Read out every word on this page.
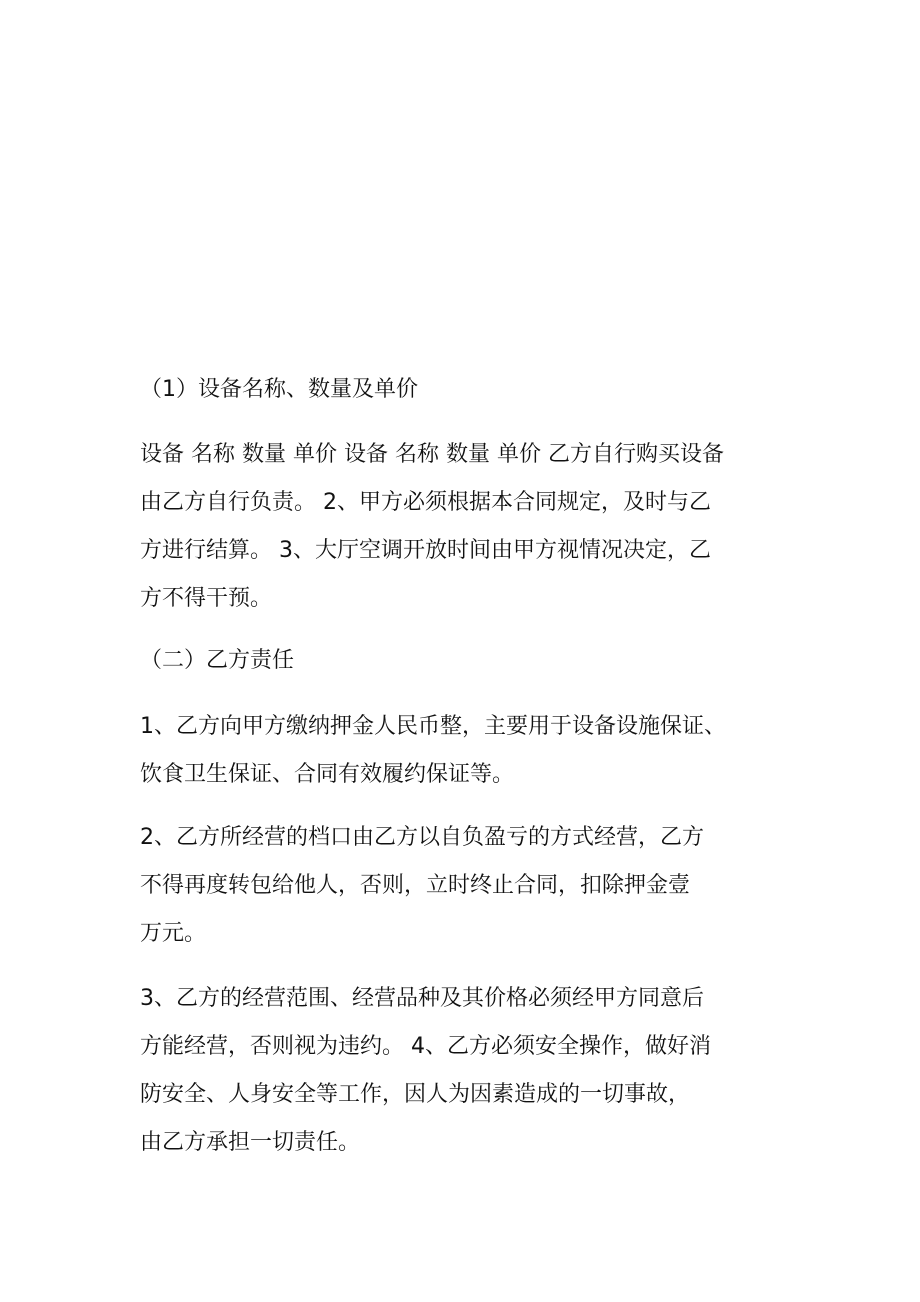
（1）设备名称、数量及单价

设备 名称 数量 单价 设备 名称 数量 单价 乙方自行购买设备
由乙方自行负责。 2、甲方必须根据本合同规定，及时与乙
方进行结算。 3、大厅空调开放时间由甲方视情况决定，乙
方不得干预。

（二）乙方责任

1、乙方向甲方缴纳押金人民币整，主要用于设备设施保证、
饮食卫生保证、合同有效履约保证等。

2、乙方所经营的档口由乙方以自负盈亏的方式经营，乙方
不得再度转包给他人，否则，立时终止合同，扣除押金壹
万元。

3、乙方的经营范围、经营品种及其价格必须经甲方同意后
方能经营，否则视为违约。 4、乙方必须安全操作，做好消
防安全、人身安全等工作，因人为因素造成的一切事故，
由乙方承担一切责任。
